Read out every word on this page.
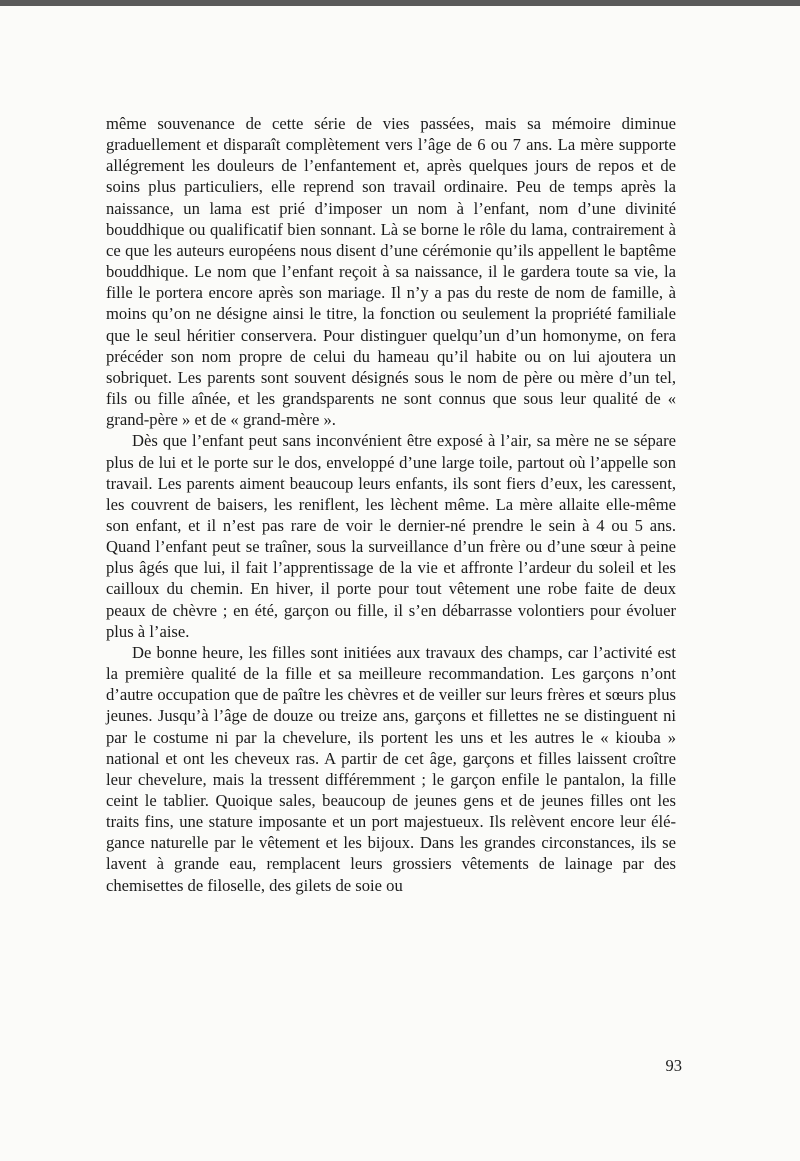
même souvenance de cette série de vies passées, mais sa mémoire diminue graduellement et disparaît complètement vers l’âge de 6 ou 7 ans. La mère supporte allégrement les douleurs de l’enfantement et, après quelques jours de repos et de soins plus particuliers, elle reprend son travail ordinaire. Peu de temps après la naissance, un lama est prié d’imposer un nom à l’enfant, nom d’une divinité bouddhique ou qualificatif bien sonnant. Là se borne le rôle du lama, contrairement à ce que les auteurs européens nous disent d’une cérémonie qu’ils appellent le baptême bouddhique. Le nom que l’enfant reçoit à sa naissance, il le gardera toute sa vie, la fille le portera encore après son mariage. Il n’y a pas du reste de nom de famille, à moins qu’on ne désigne ainsi le titre, la fonction ou seulement la propriété familiale que le seul héritier conservera. Pour distinguer quelqu’un d’un homonyme, on fera précéder son nom propre de celui du hameau qu’il habite ou on lui ajoutera un sobriquet. Les parents sont souvent désignés sous le nom de père ou mère d’un tel, fils ou fille aînée, et les grandsparents ne sont connus que sous leur qualité de « grand-père » et de « grand-mère ».

Dès que l’enfant peut sans inconvénient être exposé à l’air, sa mère ne se sépare plus de lui et le porte sur le dos, enveloppé d’une large toile, partout où l’appelle son travail. Les parents aiment beaucoup leurs enfants, ils sont fiers d’eux, les caressent, les couvrent de baisers, les reniflent, les lèchent même. La mère allaite elle-même son enfant, et il n’est pas rare de voir le dernier-né prendre le sein à 4 ou 5 ans. Quand l’enfant peut se traîner, sous la surveillance d’un frère ou d’une sœur à peine plus âgés que lui, il fait l’apprentissage de la vie et affronte l’ardeur du soleil et les cailloux du chemin. En hiver, il porte pour tout vêtement une robe faite de deux peaux de chèvre ; en été, garçon ou fille, il s’en débarrasse volontiers pour évoluer plus à l’aise.

De bonne heure, les filles sont initiées aux travaux des champs, car l’activité est la première qualité de la fille et sa meilleure recommandation. Les garçons n’ont d’autre occupation que de paître les chèvres et de veiller sur leurs frères et sœurs plus jeunes. Jusqu’à l’âge de douze ou treize ans, garçons et fillettes ne se distinguent ni par le costume ni par la chevelure, ils portent les uns et les autres le « kiouba » national et ont les cheveux ras. A partir de cet âge, garçons et filles laissent croître leur chevelure, mais la tressent différemment ; le garçon enfile le pantalon, la fille ceint le tablier. Quoique sales, beaucoup de jeunes gens et de jeunes filles ont les traits fins, une stature imposante et un port majestueux. Ils relèvent encore leur élégance naturelle par le vêtement et les bijoux. Dans les grandes circonstances, ils se lavent à grande eau, remplacent leurs grossiers vêtements de lainage par des chemisettes de filoselle, des gilets de soie ou

93
